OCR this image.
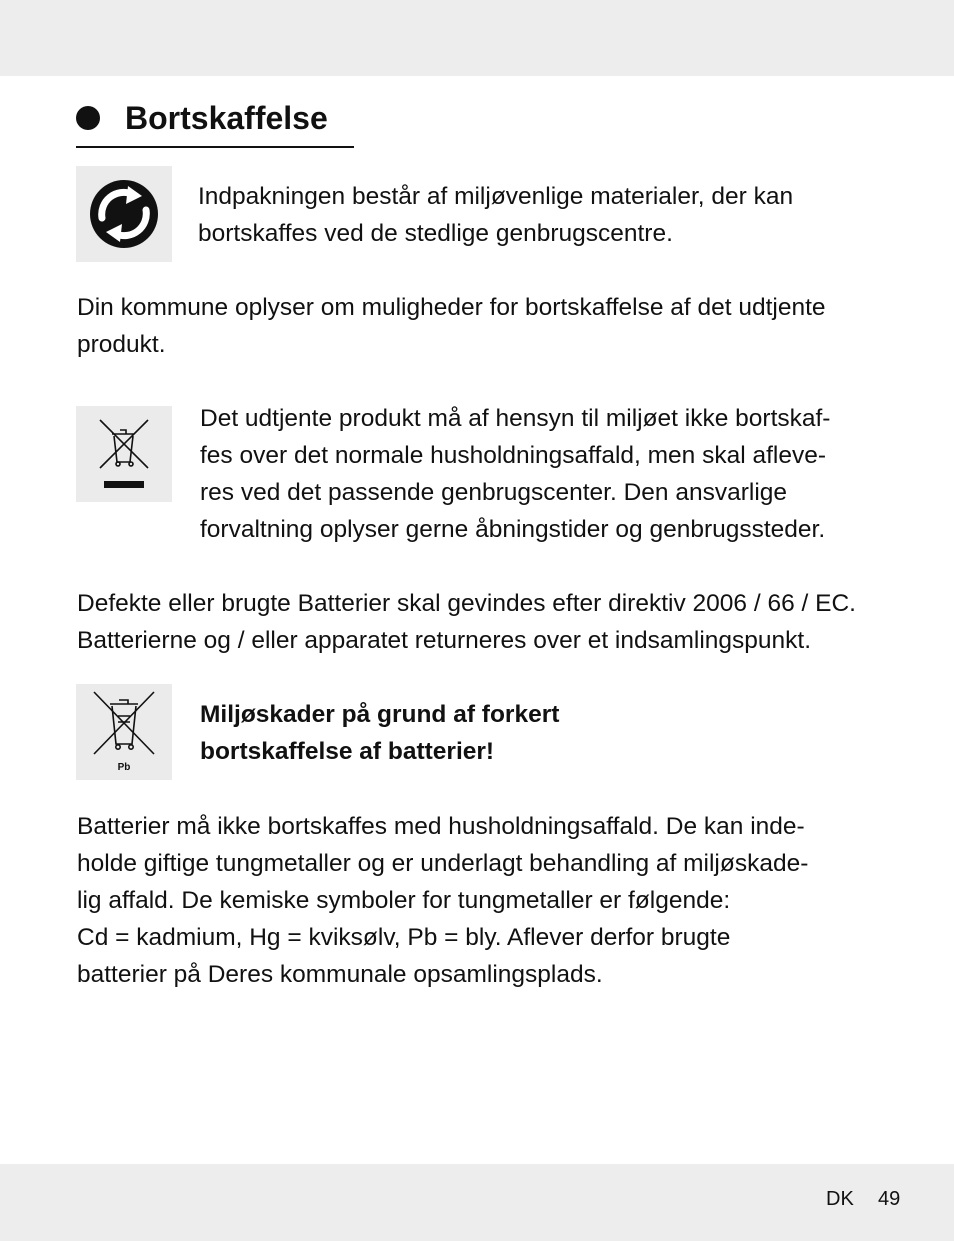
Bortskaffelse

Indpakningen består af miljøvenlige materialer, der kan
bortskaffes ved de stedlige genbrugscentre.

Din kommune oplyser om muligheder for bortskaffelse af det udtjente
produkt.

Det udtjente produkt må af hensyn til miljøet ikke bortskaf-
fes over det normale husholdningsaffald, men skal afleve-
res ved det passende genbrugscenter. Den ansvarlige
forvaltning oplyser gerne åbningstider og genbrugssteder.

Defekte eller brugte Batterier skal gevindes efter direktiv 2006 / 66 / EC.
Batterierne og / eller apparatet returneres over et indsamlingspunkt.

Pb

Miljøskader på grund af forkert
bortskaffelse af batterier!

Batterier må ikke bortskaffes med husholdningsaffald. De kan inde-
holde giftige tungmetaller og er underlagt behandling af miljøskade-
lig affald. De kemiske symboler for tungmetaller er følgende:
Cd = kadmium, Hg = kviksølv, Pb = bly. Aflever derfor brugte
batterier på Deres kommunale opsamlingsplads.

DK 49
